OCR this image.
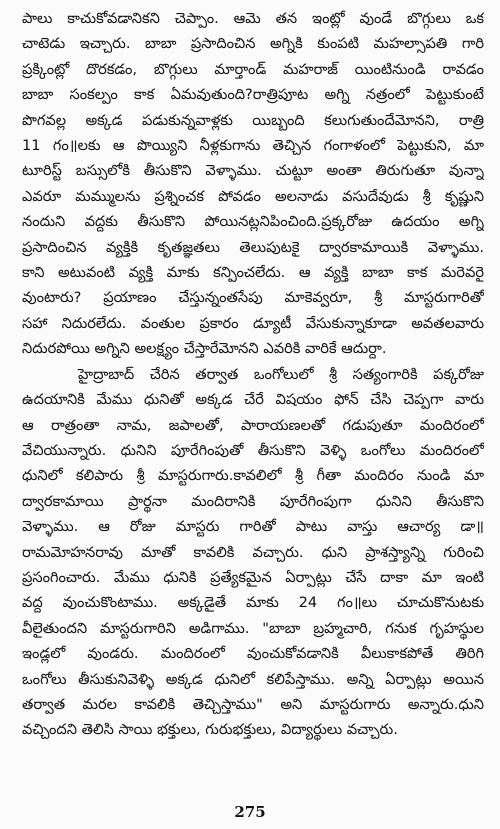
పాలు కాచుకోవడానికని చెప్పాం. ఆమె తన ఇంట్లో వుండే బొగ్గులు ఒక
చాటెడు ఇచ్చారు. బాబా ప్రసాదించిన అగ్నికి కుంపటి మహల్సాపతి గారి
ప్రక్కింట్లో దొరకడం, బొగ్గులు మార్తాండ్ మహరాజ్ యింటినుండి రావడం
బాబా సంకల్పం కాక ఏమవుతుంది?రాత్రిపూట అగ్ని నత్రంలో పెట్టుకుంటే
పొగవల్ల అక్కడ పడుకున్నవాళ్లకు యిబ్బంది కలుగుతుందేమోనని, రాత్రి
11 గం॥లకు ఆ పొయ్యిని నీళ్లకుగాను తెచ్చిన గంగాళంలో పెట్టుకుని, మా
టూరిస్ట్ బస్సులోకి తీసుకొని వెళ్ళాము. చుట్టూ అంతా తిరుగుతూ వున్నా
ఎవరూ మమ్ములను ప్రశ్నించక పోవడం అలనాడు వసుదేవుడు శ్రీ కృష్ణుని
నందుని వద్దకు తీసుకొని పోయినట్లనిపించింది.ప్రక్కరోజు ఉదయం అగ్ని
ప్రసాదించిన వ్యక్తికి కృతజ్ఞతలు తెలుపుటకై ద్వారకామాయికి వెళ్ళాము.
కాని అటువంటి వ్యక్తి మాకు కన్పించలేదు. ఆ వ్యక్తి బాబా కాక మరెవరై
వుంటారు? ప్రయాణం చేస్తున్నంతసేపు మాకెవ్వరూ, శ్రీ మాస్టరుగారితో
సహా నిదురలేదు. వంతుల ప్రకారం డ్యూటీ వేసుకున్నాకూడా అవతలవారు
నిదురపోయి అగ్నిని అలక్ష్యం చేస్తారేమోనని ఎవరికి వారికే ఆదుర్దా.
హైద్రాబాద్ చేరిన తర్వాత ఒంగోలులో శ్రీ సత్యంగారికి పక్కరోజు
ఉదయానికి మేము ధునితో అక్కడ చేరే విషయం ఫోన్ చేసి చెప్పగా వారు
ఆ రాత్రంతా నామ, జపాలతో, పారాయణలతో గడుపుతూ మందిరంలో
వేచియున్నారు. ధునిని పూరేగింపుతో తీసుకొని వెళ్ళి ఒంగోలు మందిరంలో
ధునిలో కలిపారు శ్రీ మాస్టరుగారు.కావలిలో శ్రీ గీతా మందిరం నుండి మా
ద్వారకామాయి ప్రార్థనా మందిరానికి పూరేగింపుగా ధునిని తీసుకొని
వెళ్ళాము. ఆ రోజు మాస్టరు గారితో పాటు వాస్తు ఆచార్య డా॥
రామమోహనరావు మాతో కావలికి వచ్చారు. ధుని ప్రాశస్త్యాన్ని గురించి
ప్రసంగించారు. మేము ధునికి ప్రత్యేకమైన ఏర్పాట్లు చేసే దాకా మా ఇంటి
వద్ద వుంచుకొంటాము. అక్కడైతే మాకు 24 గం॥లు చూచుకొనుటకు
వీలైతుందని మాస్టరుగారిని అడిగాము. "బాబా బ్రహ్మచారి, గనుక గృహస్థుల
ఇండ్లలో వుండరు. మందిరంలో వుంచుకోవడానికి వీలుకాకపోతే తిరిగి
ఒంగోలు తీసుకునివెళ్ళి అక్కడ ధునిలో కలిపేస్తాము. అన్ని ఏర్పాట్లు అయిన
తర్వాత మరల కావలికి తెచ్చిస్తాము" అని మాస్టరుగారు అన్నారు.ధుని
వచ్చిందని తెలిసి సాయి భక్తులు, గురుభక్తులు, విద్యార్థులు వచ్చారు.
275
